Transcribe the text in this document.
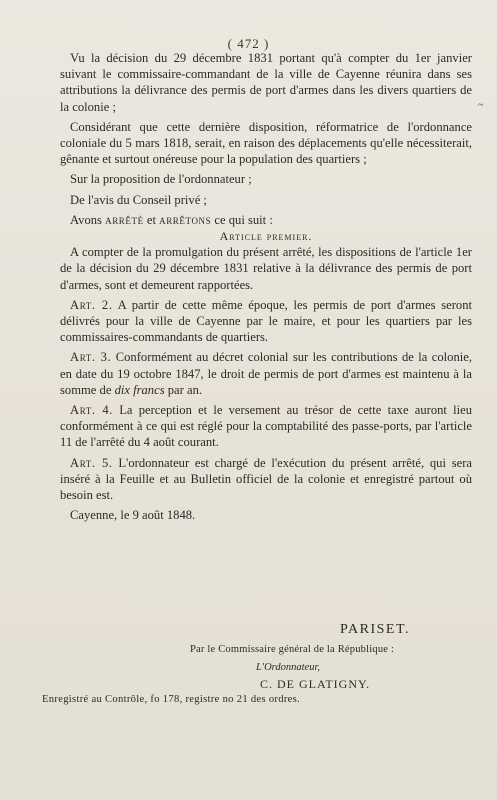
( 472 )
~

Vu la décision du 29 décembre 1831 portant qu'à compter du 1er janvier suivant le commissaire-commandant de la ville de Cayenne réunira dans ses attributions la délivrance des permis de port d'armes dans les divers quartiers de la colonie ;

Considérant que cette dernière disposition, réformatrice de l'ordonnance coloniale du 5 mars 1818, serait, en raison des déplacements qu'elle nécessiterait, gênante et surtout onéreuse pour la population des quartiers ;

Sur la proposition de l'ordonnateur ;

De l'avis du Conseil privé ;

Avons arrêté et arrêtons ce qui suit :

Article premier.

A compter de la promulgation du présent arrêté, les dispositions de l'article 1er de la décision du 29 décembre 1831 relative à la délivrance des permis de port d'armes, sont et demeurent rapportées.

Art. 2. A partir de cette même époque, les permis de port d'armes seront délivrés pour la ville de Cayenne par le maire, et pour les quartiers par les commissaires-commandants de quartiers.

Art. 3. Conformément au décret colonial sur les contributions de la colonie, en date du 19 octobre 1847, le droit de permis de port d'armes est maintenu à la somme de dix francs par an.

Art. 4. La perception et le versement au trésor de cette taxe auront lieu conformément à ce qui est réglé pour la comptabilité des passe-ports, par l'article 11 de l'arrêté du 4 août courant.

Art. 5. L'ordonnateur est chargé de l'exécution du présent arrêté, qui sera inséré à la Feuille et au Bulletin officiel de la colonie et enregistré partout où besoin est.

Cayenne, le 9 août 1848.

PARISET.
Par le Commissaire général de la République :
L'Ordonnateur,
C. DE GLATIGNY.
Enregistré au Contrôle, fo 178, registre no 21 des ordres.
